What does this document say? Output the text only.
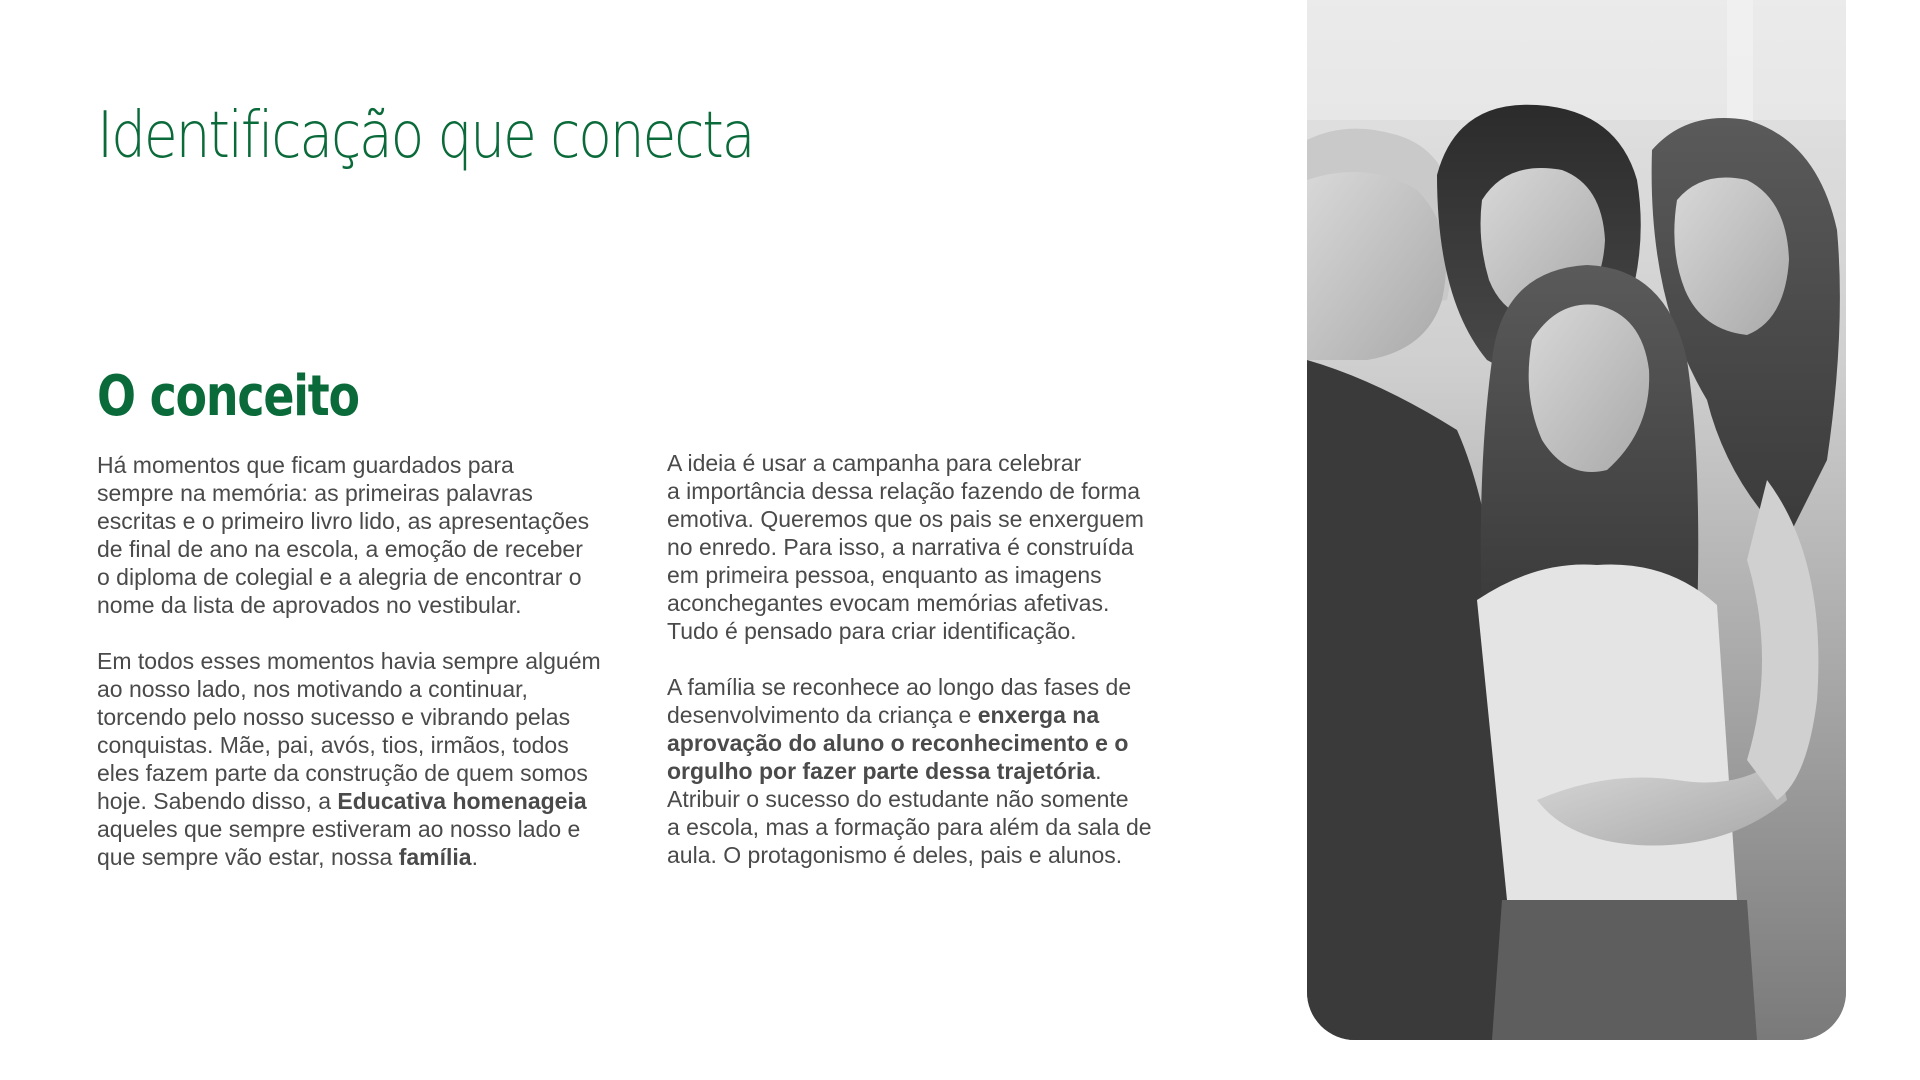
Identificação que conecta
O conceito

Há momentos que ficam guardados para
sempre na memória: as primeiras palavras
escritas e o primeiro livro lido, as apresentações
de final de ano na escola, a emoção de receber
o diploma de colegial e a alegria de encontrar o
nome da lista de aprovados no vestibular.

Em todos esses momentos havia sempre alguém
ao nosso lado, nos motivando a continuar,
torcendo pelo nosso sucesso e vibrando pelas
conquistas. Mãe, pai, avós, tios, irmãos, todos
eles fazem parte da construção de quem somos
hoje. Sabendo disso, a Educativa homenageia
aqueles que sempre estiveram ao nosso lado e
que sempre vão estar, nossa família.

A ideia é usar a campanha para celebrar
a importância dessa relação fazendo de forma
emotiva. Queremos que os pais se enxerguem
no enredo. Para isso, a narrativa é construída
em primeira pessoa, enquanto as imagens
aconchegantes evocam memórias afetivas.
Tudo é pensado para criar identificação.

A família se reconhece ao longo das fases de
desenvolvimento da criança e enxerga na
aprovação do aluno o reconhecimento e o
orgulho por fazer parte dessa trajetória.
Atribuir o sucesso do estudante não somente
a escola, mas a formação para além da sala de
aula. O protagonismo é deles, pais e alunos.
